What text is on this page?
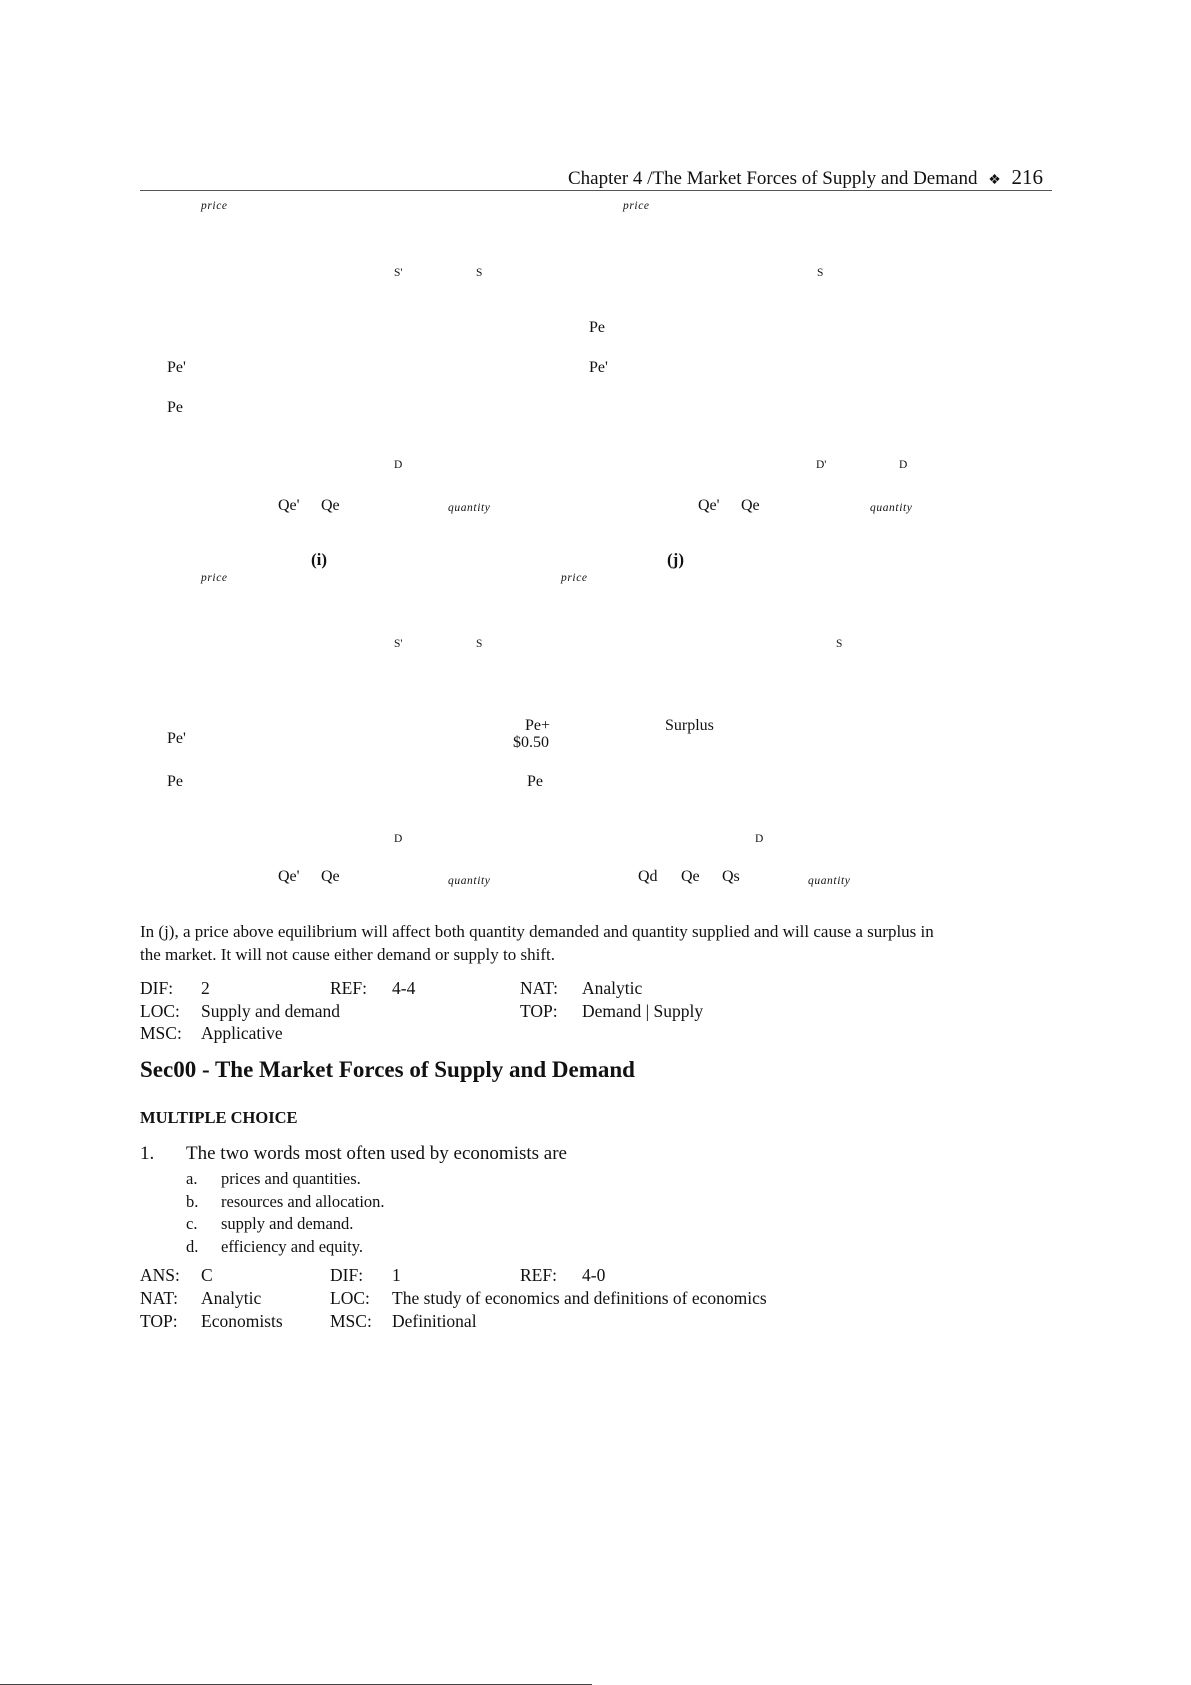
Chapter 4 /The Market Forces of Supply and Demand ❖ 216
price
S'	S
Pe'
Pe
D
Qe' Qe	quantity
(i)
price
S
Pe
Pe'
D'	D
Qe' Qe	quantity
(j)
price
S'	S
Pe'
Pe
D
Qe' Qe	quantity
price
S
Pe+
$0.50
Surplus
Pe
D
Qd Qe Qs	quantity
In (j), a price above equilibrium will affect both quantity demanded and quantity supplied and will cause a surplus in
the market. It will not cause either demand or supply to shift.
DIF: 2	REF: 4-4	NAT: Analytic
LOC: Supply and demand	TOP: Demand | Supply
MSC: Applicative
Sec00 - The Market Forces of Supply and Demand
MULTIPLE CHOICE
1. The two words most often used by economists are
a. prices and quantities.
b. resources and allocation.
c. supply and demand.
d. efficiency and equity.
ANS: C	DIF: 1	REF: 4-0
NAT: Analytic	LOC: The study of economics and definitions of economics
TOP: Economists	MSC: Definitional
